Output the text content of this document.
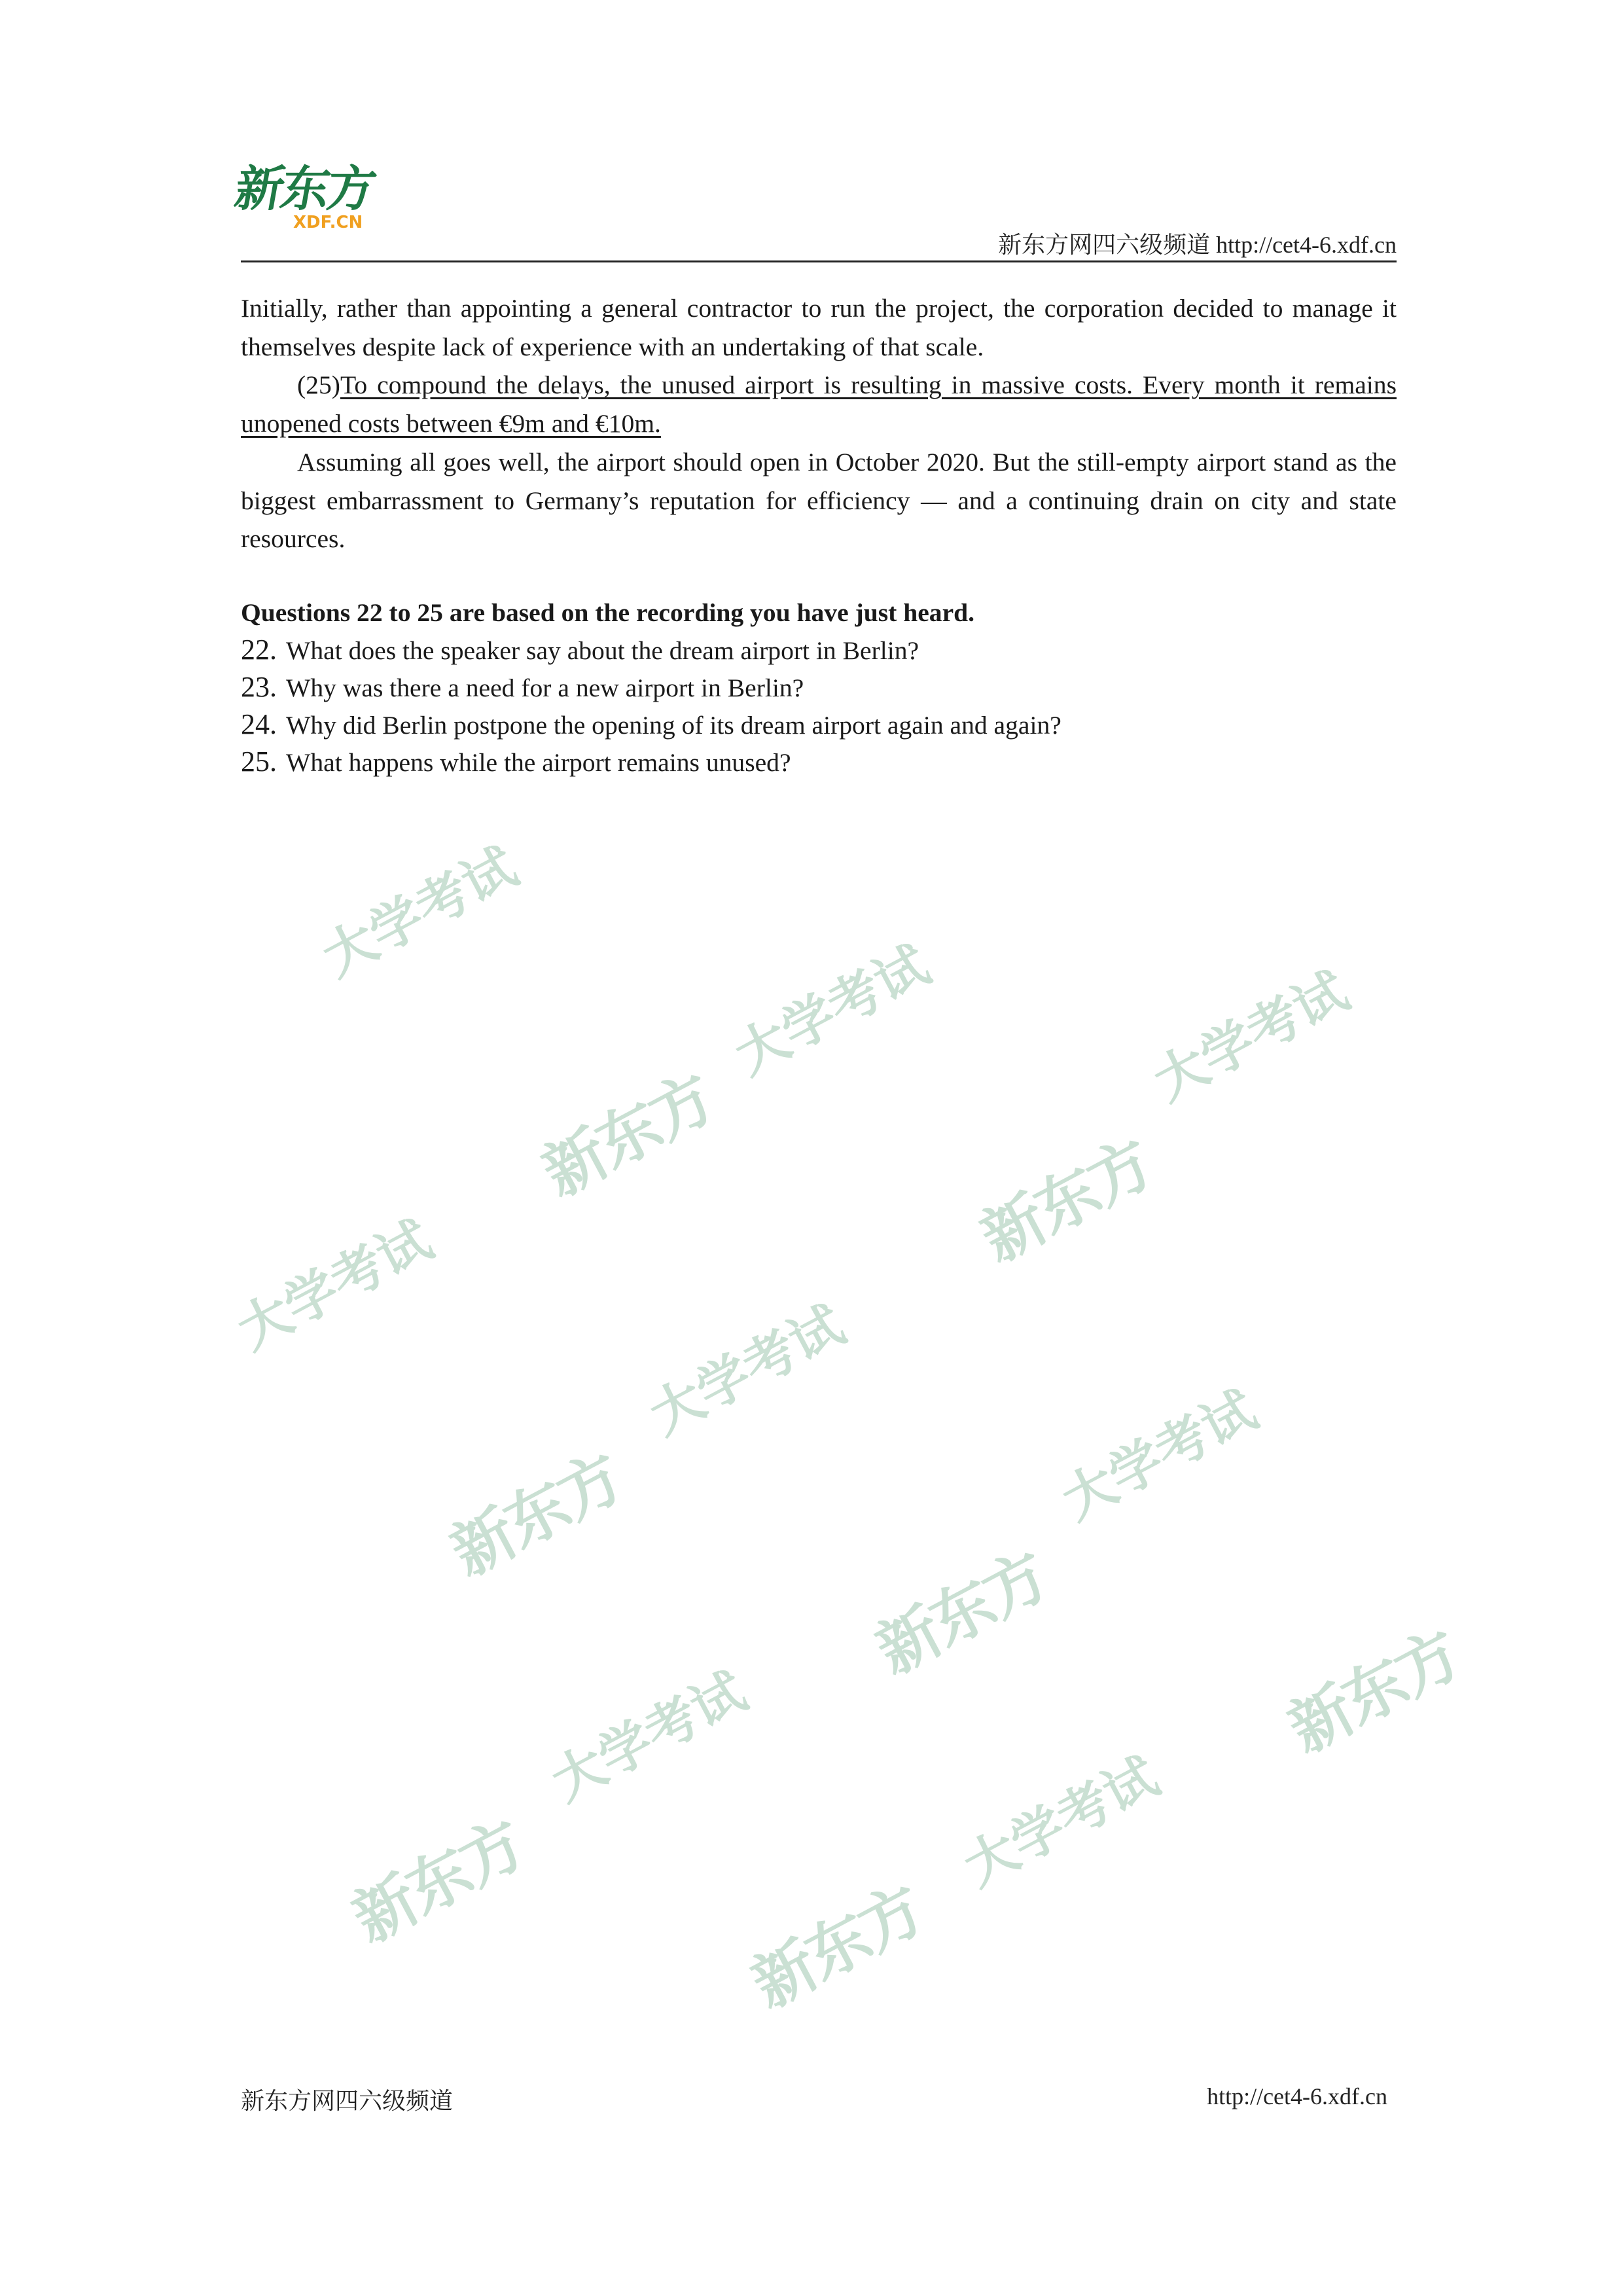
新东方
XDF.CN
新东方网四六级频道 http://cet4-6.xdf.cn
大学考试
大学考试	大学考试
新东方	新东方
大学考试
大学考试
新东方	大学考试
新东方
大学考试
大学考试
新东方
新东方
新东方

Initially, rather than appointing a general contractor to run the project, the corporation decided to manage it themselves despite lack of experience with an undertaking of that scale.

(25)To compound the delays, the unused airport is resulting in massive costs. Every month it remains unopened costs between €9m and €10m.

Assuming all goes well, the airport should open in October 2020. But the still-empty airport stand as the biggest embarrassment to Germany’s reputation for efficiency — and a continuing drain on city and state resources.

Questions 22 to 25 are based on the recording you have just heard.

22. What does the speaker say about the dream airport in Berlin?
23. Why was there a need for a new airport in Berlin?
24. Why did Berlin postpone the opening of its dream airport again and again?
25. What happens while the airport remains unused?
新东方网四六级频道	http://cet4-6.xdf.cn
